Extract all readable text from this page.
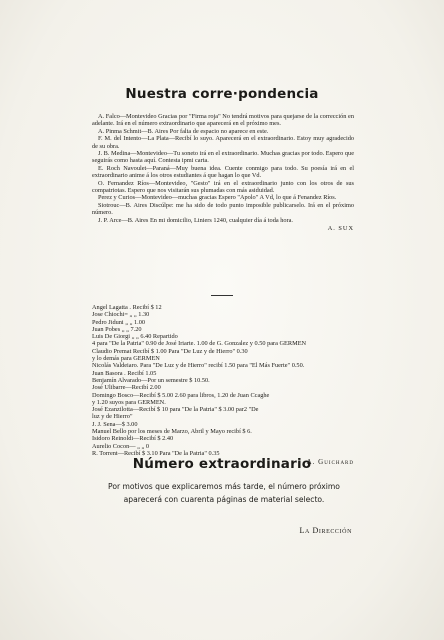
Nuestra corre·pondencia

A. Falco—Montevideo Gracias por "Firma roja" No tendrá motivos para quejarse de la corrección en adelante. Irá en el número extraordinario que aparecerá en el próximo mes.

A. Pinma Schmit—B. Aires Por falta de espacio no aparece en este.

F. M. del Intento—La Plata—Recibí lo suyo. Aparecerá en el extraordinario. Estoy muy agradecido de su obra.

J. B. Medina—Montevideo—Tu soneto irá en el extraordinario. Muchas gracias por todo. Espero que seguirás como hasta aquí. Contesta ipmi carta.

E. Roch Navoulet—Paraná—Muy buena idea. Cuente conmigo para todo. Su poesía irá en el extraordinario anime á los otros estudiantes á que hagan lo que Vd.

O. Fernandez Ríos—Montevideo, "Gesto" irá en el extraordinario junto con los otros de sus compatriotas. Espero que nos visitarán sus plumadas con más asiduidad.

Perez y Curios—Montevideo—muchas gracias Espero "Apolo" A Vd, lo que á Fenandez Ríos.

Siotrouc—B. Aires Discúlpe: me ha sido de todo punto imposible publicarselo. Irá en el próximo número.

J. P. Arce—B. Aires En mi domicilio, Liniers 1240, cualquier día á toda hora.

A. SUX
Angel Lagatta . Recibí $ 12
Jose Chiochi= „ „ 1.30
Pedro Jiduni „ „ 1.00
Juan Pobes „ „ 7.20
Luis De Giorgi „ „ 6.40 Repartido
4 para "De la Patria" 0.90 de José Iriarte. 1.00 de G. Gonzalez y 0.50 para GERMEN
Claudio Premat Recibí $ 1.00 Para "De Luz y de Hierro" 0.30
y lo demás para GERMEN
Nicolás Valdeiaro. Para "De Luz y de Hierro" recibí 1.50 para "El Más Fuerte" 0.50.
Juan Basora . Recibí 1.05
Benjamín Alvarado—Por un semestre $ 10.50.
José Ulibarre—Recibí 2.00
Domingo Bosco—Recibí $ 5.00 2.60 para libros, 1.20 de Juan Ccaghe
y 1.20 suyos para GERMEN.
José Ezanzilotta—Recibí $ 10 para "De la Patria" $ 3.00 par2 "De
luz y de Hierro"
J. J. Sena—$ 3.00
Manuel Bello por los meses de Marzo, Abril y Mayo recibí $ 6.
Isidoro Reinoldi—Recibí $ 2.40
Aurelio Cocon— „ „ 0
R. Torrent—Recibí $ 3.10 Para "De la Patria" 0.35
A. Guichard
Número extraordinario
Por motivos que explicaremos más tarde, el número próximo aparecerá con cuarenta páginas de material selecto.
La Dirección
